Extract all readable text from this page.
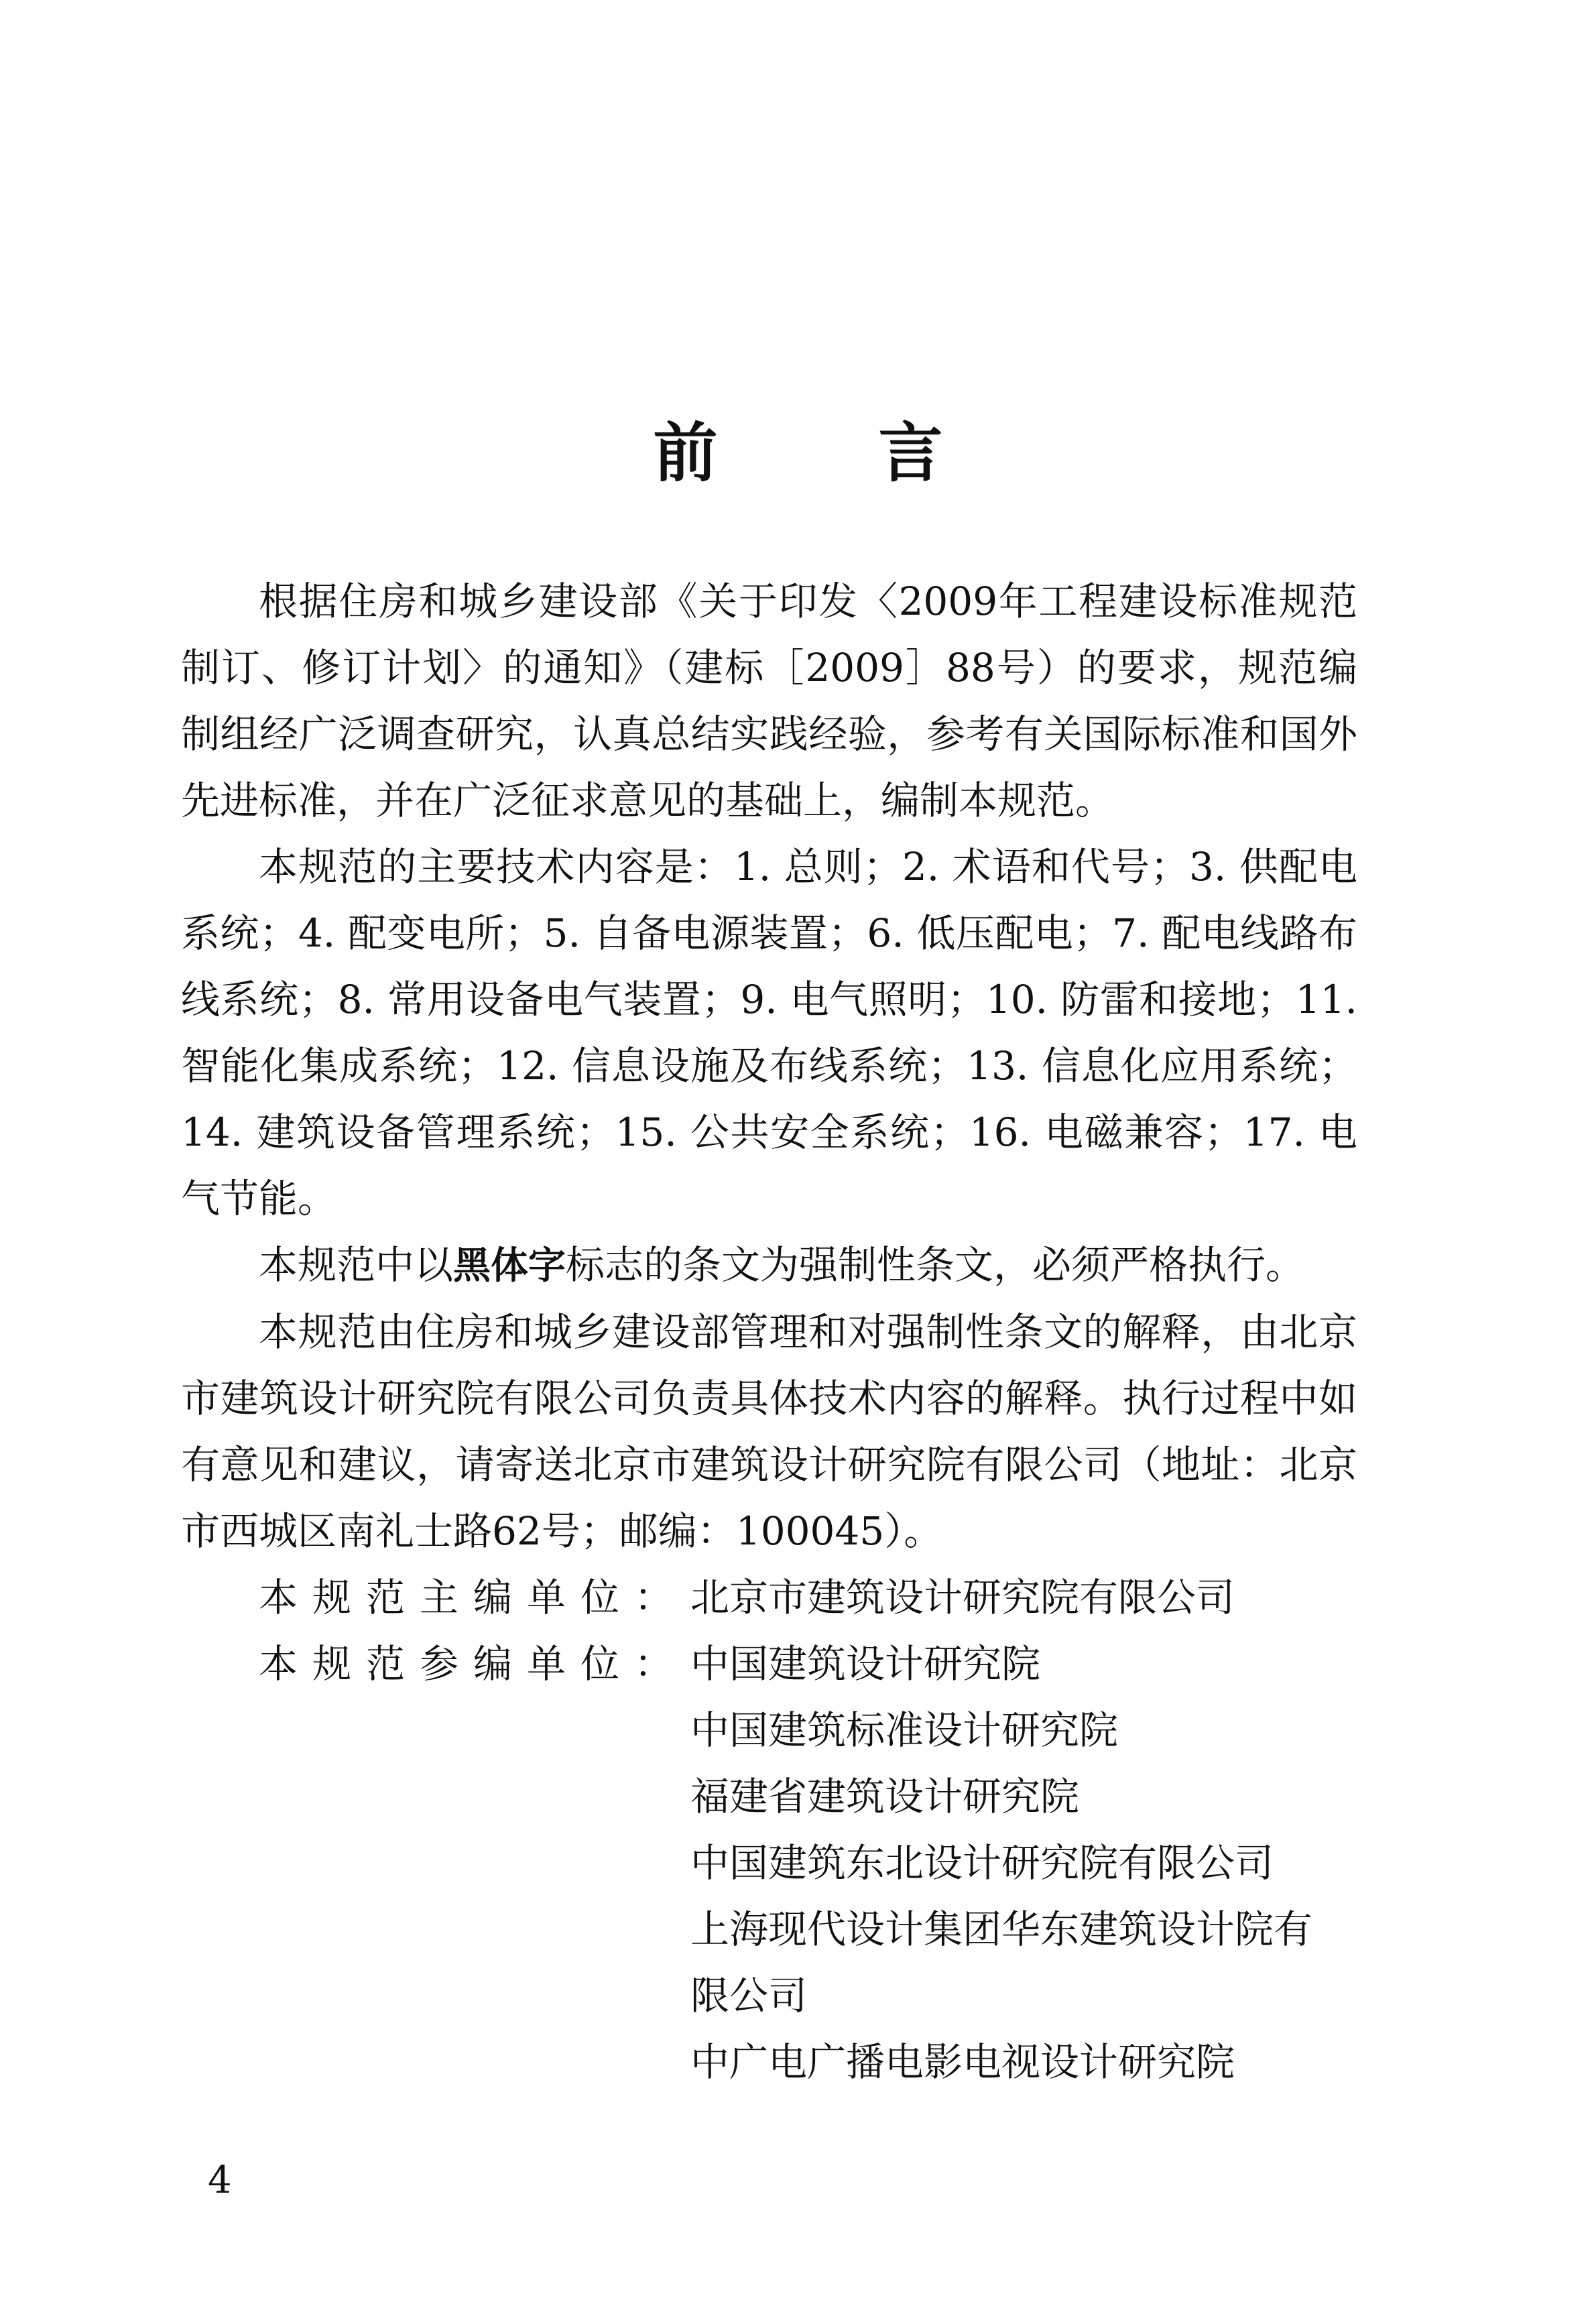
前	言

根据住房和城乡建设部《关于印发〈2009年工程建设标准规范制订、修订计划〉的通知》（建标［2009］88号）的要求，规范编制组经广泛调查研究，认真总结实践经验，参考有关国际标准和国外先进标准，并在广泛征求意见的基础上，编制本规范。

本规范的主要技术内容是：1. 总则；2. 术语和代号；3. 供配电系统；4. 配变电所；5. 自备电源装置；6. 低压配电；7. 配电线路布线系统；8. 常用设备电气装置；9. 电气照明；10. 防雷和接地；11. 智能化集成系统；12. 信息设施及布线系统；13. 信息化应用系统；14. 建筑设备管理系统；15. 公共安全系统；16. 电磁兼容；17. 电气节能。

本规范中以黑体字标志的条文为强制性条文，必须严格执行。

本规范由住房和城乡建设部管理和对强制性条文的解释，由北京市建筑设计研究院有限公司负责具体技术内容的解释。执行过程中如有意见和建议，请寄送北京市建筑设计研究院有限公司（地址：北京市西城区南礼士路62号；邮编：100045）。

本规范主编单位： 北京市建筑设计研究院有限公司
本规范参编单位： 中国建筑设计研究院
中国建筑标准设计研究院
福建省建筑设计研究院
中国建筑东北设计研究院有限公司
上海现代设计集团华东建筑设计院有
限公司
中广电广播电影电视设计研究院
4
